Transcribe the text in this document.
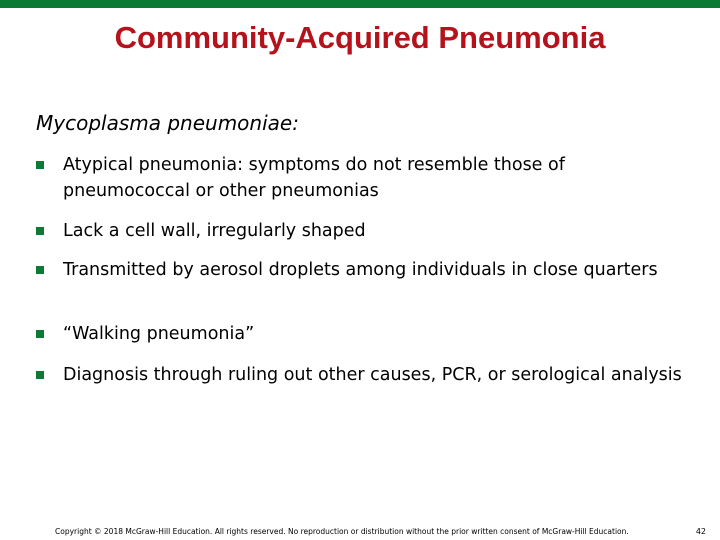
Community-Acquired Pneumonia

Mycoplasma pneumoniae:

Atypical pneumonia: symptoms do not resemble those of pneumococcal or other pneumonias
Lack a cell wall, irregularly shaped
Transmitted by aerosol droplets among individuals in close quarters
“Walking pneumonia”
Diagnosis through ruling out other causes, PCR, or serological analysis
Copyright © 2018 McGraw-Hill Education. All rights reserved. No reproduction or distribution without the prior written consent of McGraw-Hill Education.	42
